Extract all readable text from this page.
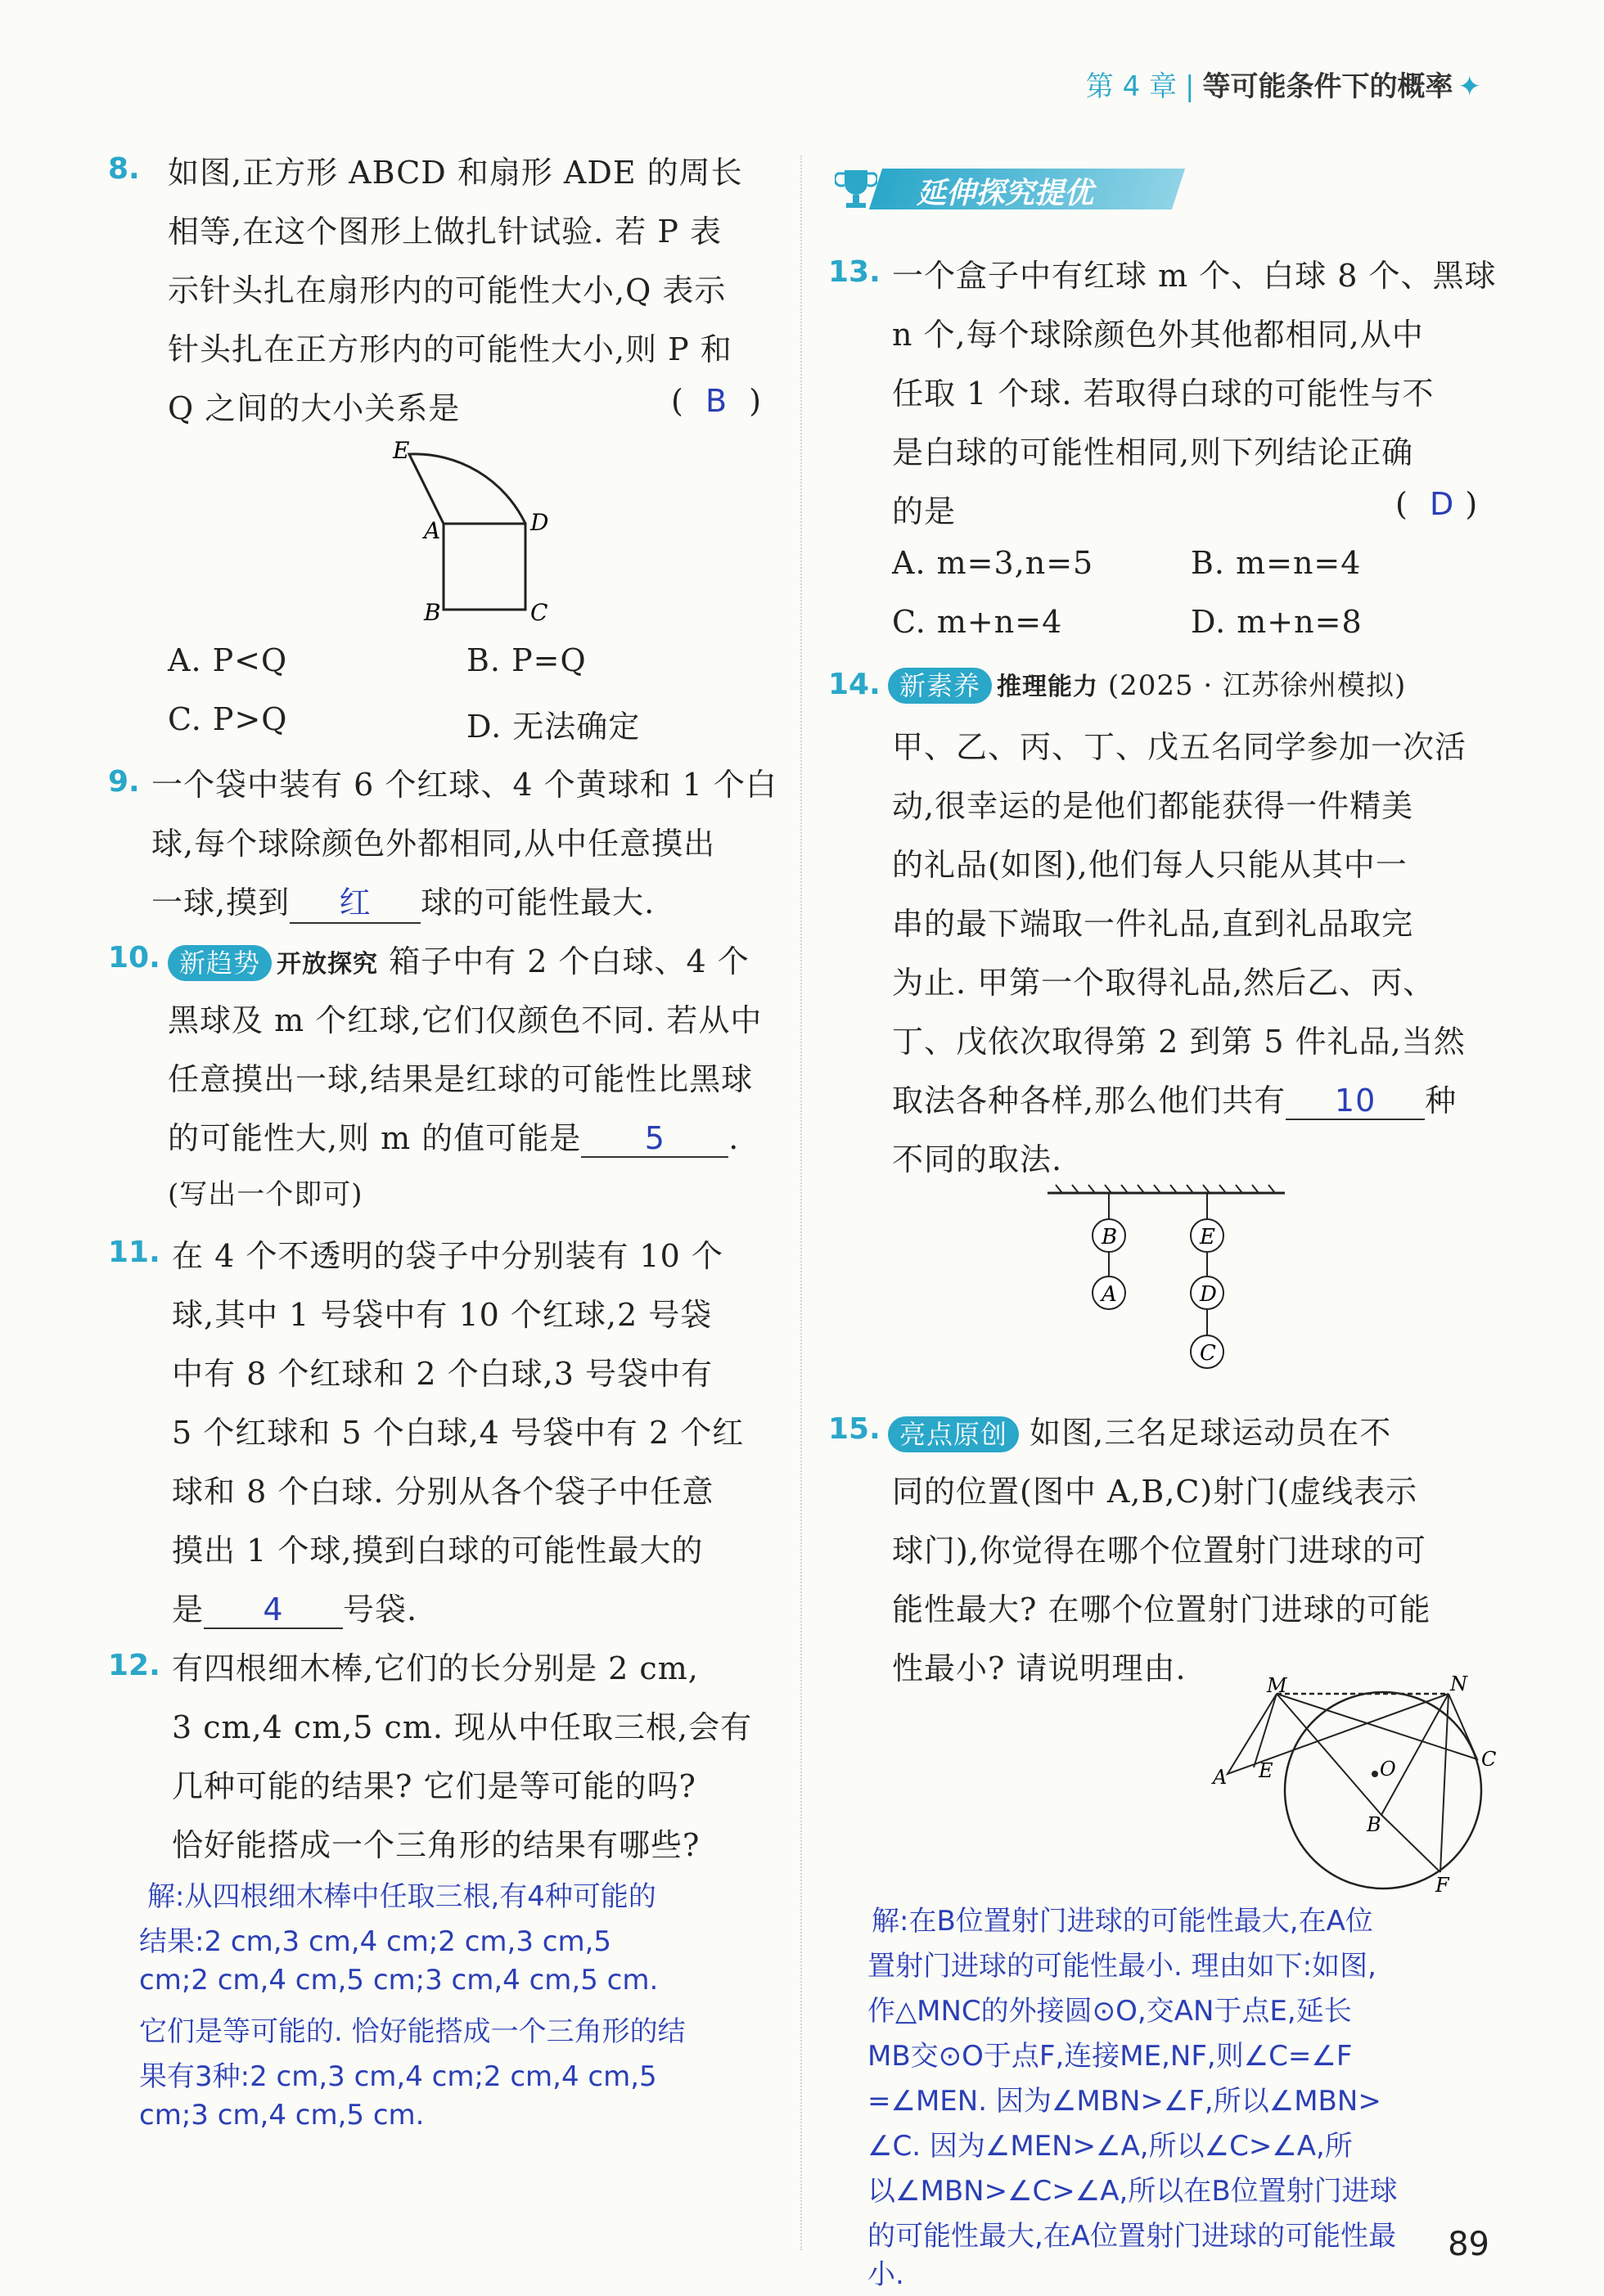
第 4 章 | 等可能条件下的概率 ✦
8. 如图,正方形 ABCD 和扇形 ADE 的周长
相等,在这个图形上做扎针试验. 若 P 表
示针头扎在扇形内的可能性大小,Q 表示
针头扎在正方形内的可能性大小,则 P 和
Q 之间的大小关系是	( B )
E
A	D
B	C
A. P<Q	B. P=Q
C. P>Q	D. 无法确定
9. 一个袋中装有 6 个红球、4 个黄球和 1 个白
球,每个球除颜色外都相同,从中任意摸出
一球,摸到 红 球的可能性最大.
10. 新趋势 开放探究 箱子中有 2 个白球、4 个
黑球及 m 个红球,它们仅颜色不同. 若从中
任意摸出一球,结果是红球的可能性比黑球
的可能性大,则 m 的值可能是 5 .
(写出一个即可)
11. 在 4 个不透明的袋子中分别装有 10 个
球,其中 1 号袋中有 10 个红球,2 号袋
中有 8 个红球和 2 个白球,3 号袋中有
5 个红球和 5 个白球,4 号袋中有 2 个红
球和 8 个白球. 分别从各个袋子中任意
摸出 1 个球,摸到白球的可能性最大的
是 4 号袋.
12. 有四根细木棒,它们的长分别是 2 cm,
3 cm,4 cm,5 cm. 现从中任取三根,会有
几种可能的结果? 它们是等可能的吗?
恰好能搭成一个三角形的结果有哪些?
解:从四根细木棒中任取三根,有4种可能的
结果:2 cm,3 cm,4 cm;2 cm,3 cm,5
cm;2 cm,4 cm,5 cm;3 cm,4 cm,5 cm.
它们是等可能的. 恰好能搭成一个三角形的结
果有3种:2 cm,3 cm,4 cm;2 cm,4 cm,5
cm;3 cm,4 cm,5 cm.
延伸探究提优
13. 一个盒子中有红球 m 个、白球 8 个、黑球
n 个,每个球除颜色外其他都相同,从中
任取 1 个球. 若取得白球的可能性与不
是白球的可能性相同,则下列结论正确
的是	( D )
A. m=3,n=5	B. m=n=4
C. m+n=4	D. m+n=8
14. 新素养 推理能力 (2025 · 江苏徐州模拟)
甲、乙、丙、丁、戊五名同学参加一次活
动,很幸运的是他们都能获得一件精美
的礼品(如图),他们每人只能从其中一
串的最下端取一件礼品,直到礼品取完
为止. 甲第一个取得礼品,然后乙、丙、
丁、戊依次取得第 2 到第 5 件礼品,当然
取法各种各样,那么他们共有 10 种
不同的取法.
B
A
E
D
C
15. 亮点原创 如图,三名足球运动员在不
同的位置(图中 A,B,C)射门(虚线表示
球门),你觉得在哪个位置射门进球的可
能性最大? 在哪个位置射门进球的可能
性最小? 请说明理由.	M	N
C
A E	O
B
F
解:在B位置射门进球的可能性最大,在A位
置射门进球的可能性最小. 理由如下:如图,
作△MNC的外接圆⊙O,交AN于点E,延长
MB交⊙O于点F,连接ME,NF,则∠C=∠F
=∠MEN. 因为∠MBN>∠F,所以∠MBN>
∠C. 因为∠MEN>∠A,所以∠C>∠A,所
以∠MBN>∠C>∠A,所以在B位置射门进球
的可能性最大,在A位置射门进球的可能性最
小.
89
